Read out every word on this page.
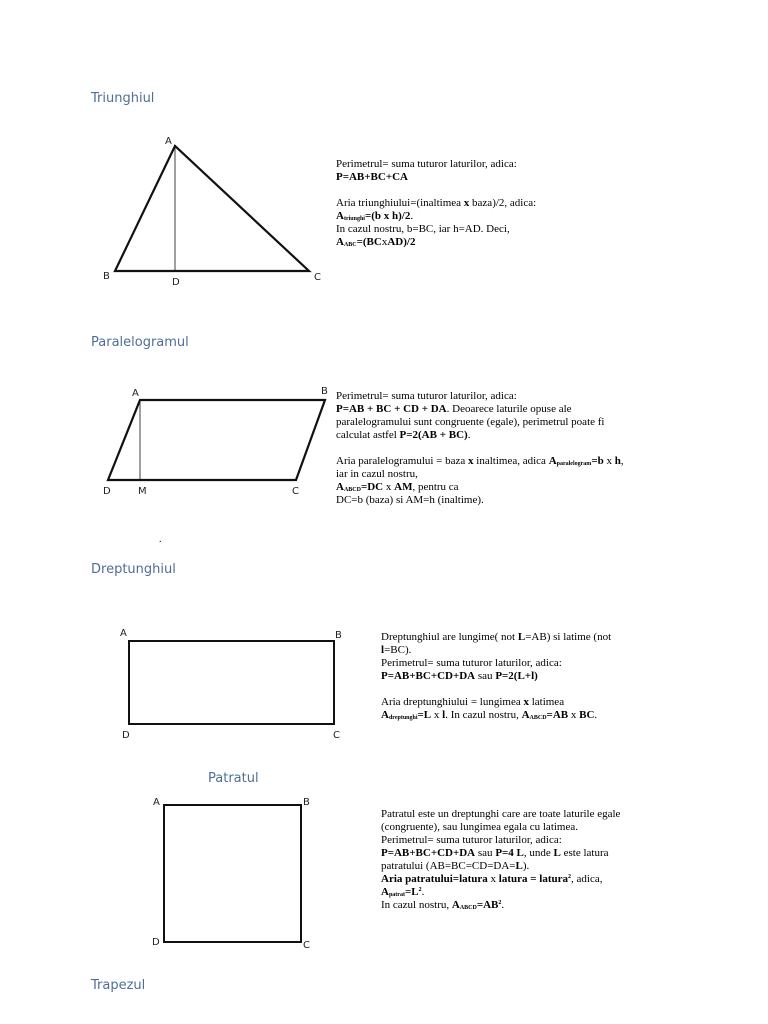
Triunghiul
Paralelogramul
Dreptunghiul
Patratul
Trapezul
A
B	C
D
A	B
C
D	M
A	B
C
D
A	B
C
D

Perimetrul= suma tuturor laturilor, adica:

P=AB+BC+CA

Aria triunghiului=(inaltimea x baza)/2, adica:

$A_{triunghi}=(b$ x h)/2.

In cazul nostru, b=BC, iar h=AD. Deci,

$A_{ABC}=(BCxAD)/2$

Perimetrul= suma tuturor laturilor, adica:

P=AB + BC + CD + DA. Deoarece laturile opuse ale

paralelogramului sunt congruente (egale), perimetrul poate fi

calculat astfel P=2(AB + BC).

Aria paralelogramului = baza x inaltimea, adica $A_{paralelogram}=b$ x h,

iar in cazul nostru,

$A_{ABCD}=DC$ x AM, pentru ca

DC=b (baza) si AM=h (inaltime).

.

Dreptunghiul are lungime( not L=AB) si latime (not

l=BC).

Perimetrul= suma tuturor laturilor, adica:

P=AB+BC+CD+DA sau P=2(L+l)

Aria dreptunghiului = lungimea x latimea

$A_{dreptunghi}=L$ x l. In cazul nostru, $A_{ABCD}=AB$ x BC.

Patratul este un dreptunghi care are toate laturile egale

(congruente), sau lungimea egala cu latimea.

Perimetrul= suma tuturor laturilor, adica:

P=AB+BC+CD+DA sau P=4 L, unde L este latura

patratului (AB=BC=CD=DA=L).

Aria patratului=latura x latura = latura$^2$, adica,

$A_{patrat}=L^2$.

In cazul nostru, $A_{ABCD}=AB^2$.
